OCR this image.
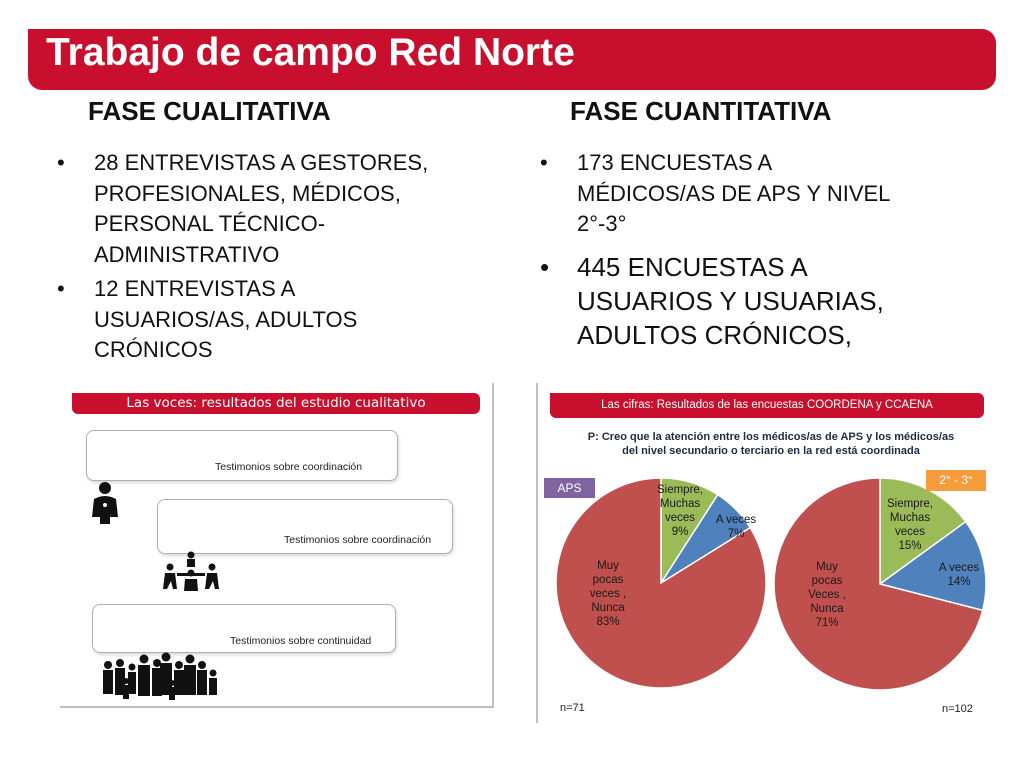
Trabajo de campo Red Norte
FASE CUALITATIVA	FASE CUANTITATIVA
• 28 ENTREVISTAS A GESTORES,
PROFESIONALES, MÉDICOS,
PERSONAL TÉCNICO-
ADMINISTRATIVO
• 12 ENTREVISTAS A
USUARIOS/AS, ADULTOS
CRÓNICOS
• 173 ENCUESTAS A
MÉDICOS/AS DE APS Y NIVEL
2°-3°
• 445 ENCUESTAS A
USUARIOS Y USUARIAS,
ADULTOS CRÓNICOS,
Las voces: resultados del estudio cualitativo
Testimonios sobre coordinación
Testimonios sobre coordinación
Testimonios sobre continuidad
Las cifras: Resultados de las encuestas COORDENA y CCAENA
P: Creo que la atención entre los médicos/as de APS y los médicos/as
del nivel secundario o terciario en la red está coordinada
Siempre, Muchas veces 9%
A veces 7%
Muy pocas veces , Nunca 83%
Siempre, Muchas veces 15%
A veces 14%
Muy pocas Veces , Nunca 71%
APS
2° - 3°
n=71	n=102
